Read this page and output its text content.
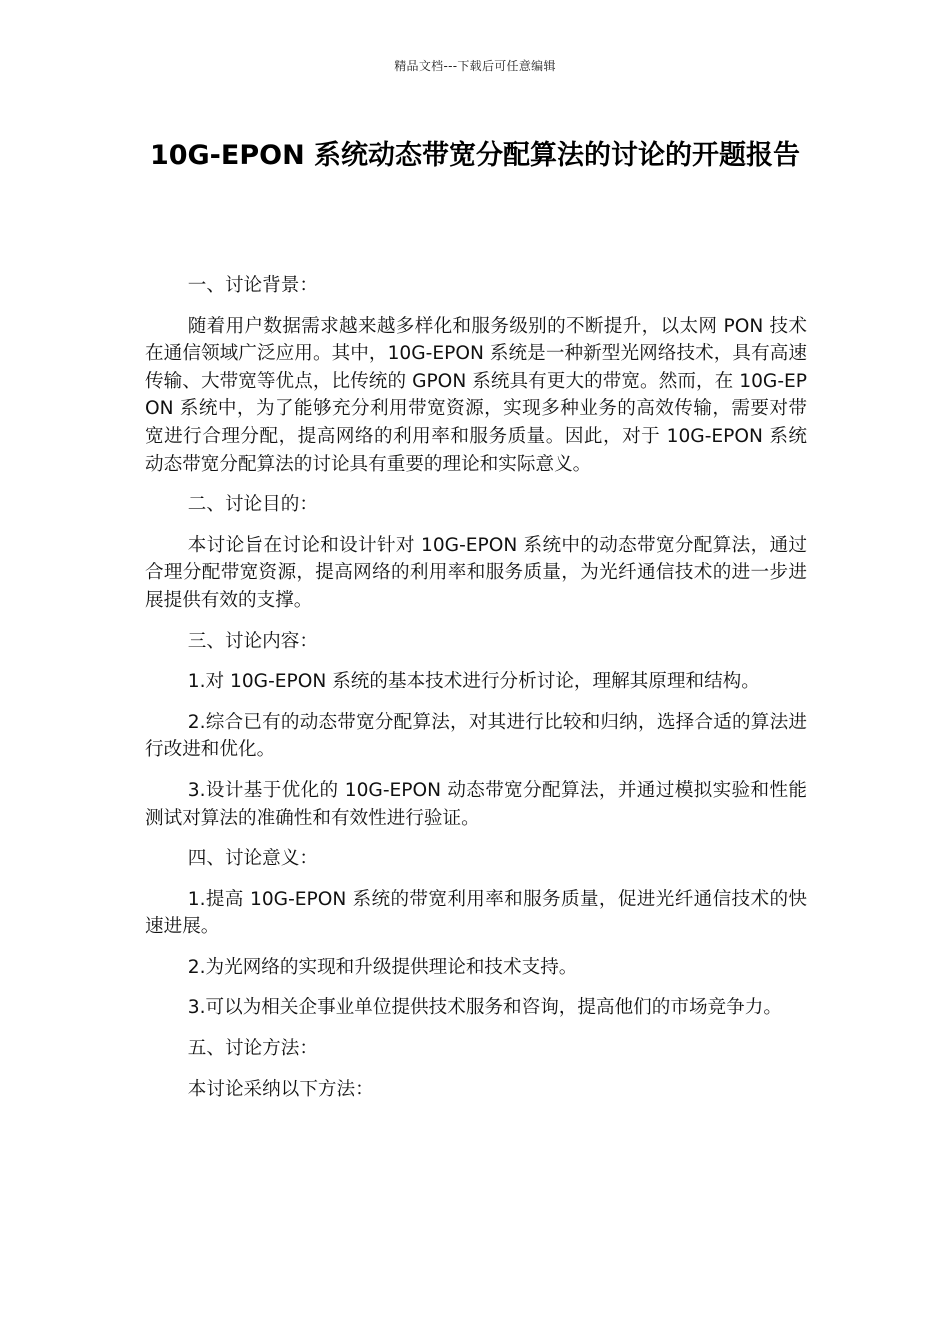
精品文档---下载后可任意编辑
10G-EPON 系统动态带宽分配算法的讨论的开题报告

一、讨论背景：

随着用户数据需求越来越多样化和服务级别的不断提升，以太网 PON 技术在通信领域广泛应用。其中，10G-EPON 系统是一种新型光网络技术，具有高速传输、大带宽等优点，比传统的 GPON 系统具有更大的带宽。然而，在 10G-EPON 系统中，为了能够充分利用带宽资源，实现多种业务的高效传输，需要对带宽进行合理分配，提高网络的利用率和服务质量。因此，对于 10G-EPON 系统动态带宽分配算法的讨论具有重要的理论和实际意义。

二、讨论目的：

本讨论旨在讨论和设计针对 10G-EPON 系统中的动态带宽分配算法，通过合理分配带宽资源，提高网络的利用率和服务质量，为光纤通信技术的进一步进展提供有效的支撑。

三、讨论内容：

1.对 10G-EPON 系统的基本技术进行分析讨论，理解其原理和结构。

2.综合已有的动态带宽分配算法，对其进行比较和归纳，选择合适的算法进行改进和优化。

3.设计基于优化的 10G-EPON 动态带宽分配算法，并通过模拟实验和性能测试对算法的准确性和有效性进行验证。

四、讨论意义：

1.提高 10G-EPON 系统的带宽利用率和服务质量，促进光纤通信技术的快速进展。

2.为光网络的实现和升级提供理论和技术支持。

3.可以为相关企事业单位提供技术服务和咨询，提高他们的市场竞争力。

五、讨论方法：

本讨论采纳以下方法：
